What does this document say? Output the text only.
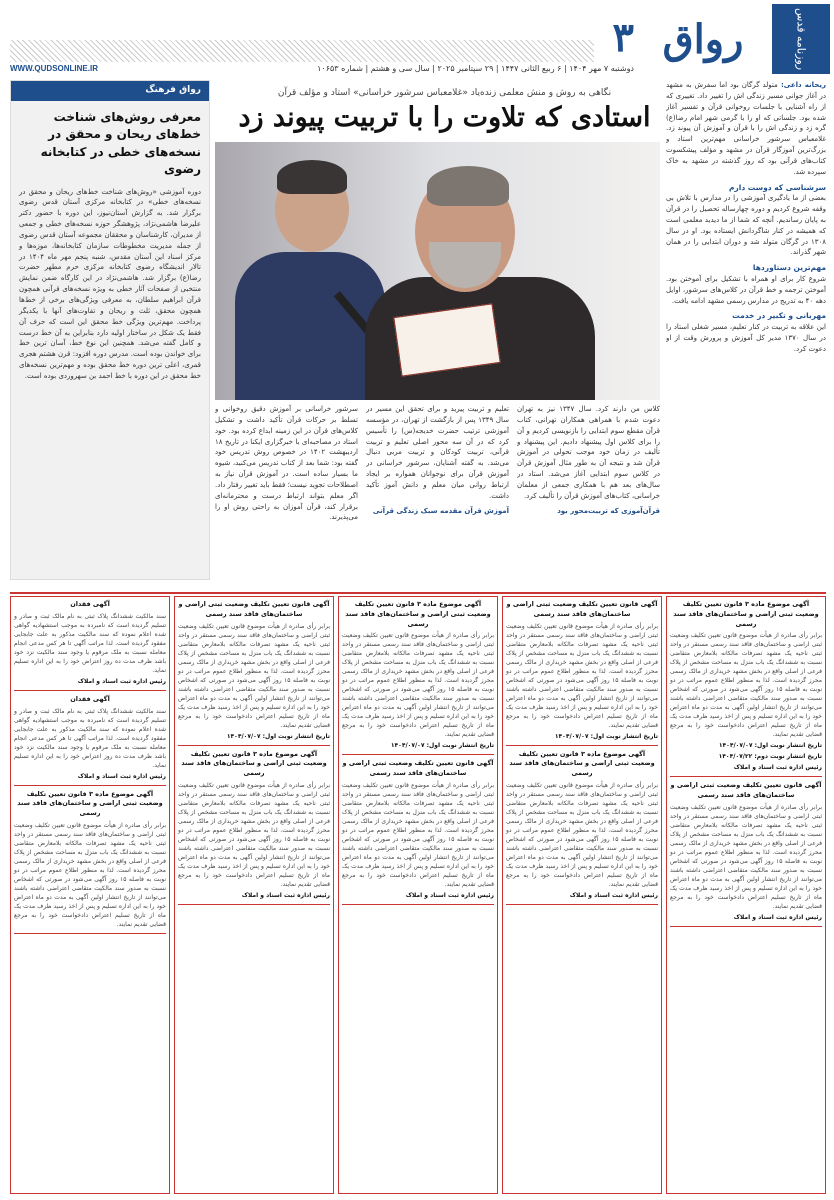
روزنامه قدس
رواق
۳
دوشنبه ۷ مهر ۱۴۰۴ | ۶ ربیع الثانی ۱۴۴۷ | ۲۹ سپتامبر ۲۰۲۵ | سال سی و هشتم | شماره ۱۰۶۵۳
WWW.QUDSONLINE.IR
رواق فرهنگ
معرفی روش‌های شناخت خط‌های ریحان و محقق در نسخه‌های خطی در کتابخانه رضوی
دوره آموزشی «روش‌های شناخت خط‌های ریحان و محقق در نسخه‌های خطی» در کتابخانه مرکزی آستان قدس رضوی برگزار شد. به گزارش آستان‌نیوز، این دوره با حضور دکتر علیرضا هاشمی‌نژاد، پژوهشگر حوزه نسخه‌های خطی و جمعی از مدیران، کارشناسان و محققان مجموعه آستان قدس رضوی از جمله مدیریت مخطوطات سازمان کتابخانه‌ها، موزه‌ها و مرکز اسناد این آستان مقدس، شنبه پنجم مهر ماه ۱۴۰۴ در تالار اندیشگاه رضوی کتابخانه مرکزی حرم مطهر حضرت رضا(ع) برگزار شد. هاشمی‌نژاد در این کارگاه ضمن نمایش منتخبی از صفحات آثار خطی به ویژه نسخه‌های قرآنی همچون قرآن ابراهیم سلطان، به معرفی ویژگی‌های برخی از خط‌ها همچون محقق، ثلث و ریحان و تفاوت‌های آنها با یکدیگر پرداخت. مهم‌ترین ویژگی خط محقق این است که حرف آن فقط یک شکل در ساختار اولیه دارد بنابراین به آن خط درست و کامل گفته می‌شد. همچنین این نوع خط، آسان ترین خط برای خواندن بوده است. مدرس دوره افزود: قرن هشتم هجری قمری، اعلی ترین دوره خط محقق بوده و مهم‌ترین نسخه‌های خط محقق در این دوره با خط احمد بن سهروردی بوده است.
نگاهی به روش و منش معلمی زنده‌یاد «غلامعباس سرشور خراسانی» استاد و مؤلف قرآن
استادی که تلاوت را با تربیت پیوند زد
کلاس من دارند کرد. سال ۱۳۴۷ نیز به تهران دعوت شدم با همراهی همکاران تهرانی، کتاب قرآن مقطع سوم ابتدایی را بازنویسی کردیم و آن را برای کلاس اول پیشنهاد دادیم. این پیشنهاد و تألیف در زمان خود موجب تحولی در آموزش قرآن شد و نتیجه آن به طور مثال آموزش قرآن در کلاس سوم ابتدایی آغاز می‌شد. استاد در سال‌های بعد هم با همکاری جمعی از معلمان خراسانی، کتاب‌های آموزش قرآن را تألیف کرد.
قرآن‌آموزی که تربیت‌محور بود
تعلیم و تربیت پیرید و برای تحقق این مسیر در سال ۱۳۴۹ پس از بازگشت از تهران، در مؤسسه آموزشی ترتیب حضرت خدیجه(س) را تأسیس کرد که در آن سه محور اصلی تعلیم و تربیت قرآنی، تربیت کودکان و تربیت مربی دنبال می‌شد. به گفته آشنایان، سرشور خراسانی در آموزش قرآن برای نوجوانان همواره بر ایجاد ارتباط روانی میان معلم و دانش آموز تأکید داشت.
آموزش قرآن مقدمه سبک زندگی قرآنی
سرشور خراسانی بر آموزش دقیق روخوانی و تسلط بر حرکات قرآن تأکید داشت و تشکیل کلاس‌های قرآن در این زمینه ابداع کرده بود. خود استاد در مصاحبه‌ای با خبرگزاری ایکنا در تاریخ ۱۸ اردیبهشت ۱۴۰۲ در خصوص روش تدریس خود گفته بود: شما بعد از کتاب تدریس می‌کنید، شیوه ما بسیار ساده است. در آموزش قرآن نیاز به اصطلاحات تجوید نیست؛ فقط باید تغییر رفتار داد. اگر معلم بتواند ارتباط درست و محترمانه‌ای برقرار کند، قرآن آموزان به راحتی روش او را می‌پذیرند.
ریحانه داعی: متولد گرگان بود اما سفرش به مشهد در آغاز جوانی مسیر زندگی اش را تغییر داد. تغییری که از راه آشنایی با جلسات روخوانی قرآن و تفسیر آغاز شده بود. جلساتی که او را با گرمی شهر امام رضا(ع) گره زد و زندگی اش را با قرآن و آموزش آن پیوند زد. غلامعباس سرشور خراسانی مهم‌ترین استاد و بزرگ‌ترین آموزگار قرآن در مشهد و مؤلف پیشکسوت کتاب‌های قرآنی بود که روز گذشته در مشهد به خاک سپرده شد.
سرشناسی که دوست دارم
بعضی از ما یادگیری آموزشی را در مدارس با تلاش بی وقفه شروع کردیم و دوره چهارساله تحصیل را در قرآن به پایان رساندیم. آنچه که شما از ما دیدید معلمی است که همیشه در کنار شاگردانش ایستاده بود. او در سال ۱۳۰۸ در گرگان متولد شد و دوران ابتدایی را در همان شهر گذراند.
مهم‌ترین دستاوردها
شروع کار برای او همراه با تشکیل برای آموختن بود. آموختن ترجمه و خط قرآن در کلاس‌های سرشور، اوایل دهه ۴۰ به تدریج در مدارس رسمی مشهد ادامه یافت.
مهربانی و تکبیر در خدمت
این علاقه به تربیت در کنار تعلیم، مسیر شغلی استاد را در سال ۱۳۷۰ مدیر کل آموزش و پرورش وقت از او دعوت کرد.
آگهی موضوع ماده ۳ قانون تعیین تکلیف وضعیت ثبتی اراضی و ساختمان‌های فاقد سند رسمی
برابر رأی صادره از هیأت موضوع قانون تعیین تکلیف وضعیت ثبتی اراضی و ساختمان‌های فاقد سند رسمی مستقر در واحد ثبتی ناحیه یک مشهد تصرفات مالکانه بلامعارض متقاضی نسبت به ششدانگ یک باب منزل به مساحت مشخص از پلاک فرعی از اصلی واقع در بخش مشهد خریداری از مالک رسمی محرز گردیده است. لذا به منظور اطلاع عموم مراتب در دو نوبت به فاصله ۱۵ روز آگهی می‌شود در صورتی که اشخاص نسبت به صدور سند مالکیت متقاضی اعتراضی داشته باشند می‌توانند از تاریخ انتشار اولین آگهی به مدت دو ماه اعتراض خود را به این اداره تسلیم و پس از اخذ رسید ظرف مدت یک ماه از تاریخ تسلیم اعتراض دادخواست خود را به مرجع قضایی تقدیم نمایند.
تاریخ انتشار نوبت اول: ۱۴۰۴/۰۷/۰۷
تاریخ انتشار نوبت دوم: ۱۴۰۴/۰۷/۲۲
رئیس اداره ثبت اسناد و املاک
آگهی قانون تعیین تکلیف وضعیت ثبتی اراضی و ساختمان‌های فاقد سند رسمی
برابر رأی صادره از هیأت موضوع قانون تعیین تکلیف وضعیت ثبتی اراضی و ساختمان‌های فاقد سند رسمی مستقر در واحد ثبتی ناحیه یک مشهد تصرفات مالکانه بلامعارض متقاضی نسبت به ششدانگ یک باب منزل به مساحت مشخص از پلاک فرعی از اصلی واقع در بخش مشهد خریداری از مالک رسمی محرز گردیده است. لذا به منظور اطلاع عموم مراتب در دو نوبت به فاصله ۱۵ روز آگهی می‌شود در صورتی که اشخاص نسبت به صدور سند مالکیت متقاضی اعتراضی داشته باشند می‌توانند از تاریخ انتشار اولین آگهی به مدت دو ماه اعتراض خود را به این اداره تسلیم و پس از اخذ رسید ظرف مدت یک ماه از تاریخ تسلیم اعتراض دادخواست خود را به مرجع قضایی تقدیم نمایند.
رئیس اداره ثبت اسناد و املاک
آگهی قانون تعیین تکلیف وضعیت ثبتی اراضی و ساختمان‌های فاقد سند رسمی
برابر رأی صادره از هیأت موضوع قانون تعیین تکلیف وضعیت ثبتی اراضی و ساختمان‌های فاقد سند رسمی مستقر در واحد ثبتی ناحیه یک مشهد تصرفات مالکانه بلامعارض متقاضی نسبت به ششدانگ یک باب منزل به مساحت مشخص از پلاک فرعی از اصلی واقع در بخش مشهد خریداری از مالک رسمی محرز گردیده است. لذا به منظور اطلاع عموم مراتب در دو نوبت به فاصله ۱۵ روز آگهی می‌شود در صورتی که اشخاص نسبت به صدور سند مالکیت متقاضی اعتراضی داشته باشند می‌توانند از تاریخ انتشار اولین آگهی به مدت دو ماه اعتراض خود را به این اداره تسلیم و پس از اخذ رسید ظرف مدت یک ماه از تاریخ تسلیم اعتراض دادخواست خود را به مرجع قضایی تقدیم نمایند.
تاریخ انتشار نوبت اول: ۱۴۰۴/۰۷/۰۷
آگهی موضوع ماده ۳ قانون تعیین تکلیف وضعیت ثبتی اراضی و ساختمان‌های فاقد سند رسمی
برابر رأی صادره از هیأت موضوع قانون تعیین تکلیف وضعیت ثبتی اراضی و ساختمان‌های فاقد سند رسمی مستقر در واحد ثبتی ناحیه یک مشهد تصرفات مالکانه بلامعارض متقاضی نسبت به ششدانگ یک باب منزل به مساحت مشخص از پلاک فرعی از اصلی واقع در بخش مشهد خریداری از مالک رسمی محرز گردیده است. لذا به منظور اطلاع عموم مراتب در دو نوبت به فاصله ۱۵ روز آگهی می‌شود در صورتی که اشخاص نسبت به صدور سند مالکیت متقاضی اعتراضی داشته باشند می‌توانند از تاریخ انتشار اولین آگهی به مدت دو ماه اعتراض خود را به این اداره تسلیم و پس از اخذ رسید ظرف مدت یک ماه از تاریخ تسلیم اعتراض دادخواست خود را به مرجع قضایی تقدیم نمایند.
رئیس اداره ثبت اسناد و املاک
آگهی موضوع ماده ۳ قانون تعیین تکلیف وضعیت ثبتی اراضی و ساختمان‌های فاقد سند رسمی
برابر رأی صادره از هیأت موضوع قانون تعیین تکلیف وضعیت ثبتی اراضی و ساختمان‌های فاقد سند رسمی مستقر در واحد ثبتی ناحیه یک مشهد تصرفات مالکانه بلامعارض متقاضی نسبت به ششدانگ یک باب منزل به مساحت مشخص از پلاک فرعی از اصلی واقع در بخش مشهد خریداری از مالک رسمی محرز گردیده است. لذا به منظور اطلاع عموم مراتب در دو نوبت به فاصله ۱۵ روز آگهی می‌شود در صورتی که اشخاص نسبت به صدور سند مالکیت متقاضی اعتراضی داشته باشند می‌توانند از تاریخ انتشار اولین آگهی به مدت دو ماه اعتراض خود را به این اداره تسلیم و پس از اخذ رسید ظرف مدت یک ماه از تاریخ تسلیم اعتراض دادخواست خود را به مرجع قضایی تقدیم نمایند.
تاریخ انتشار نوبت اول: ۱۴۰۴/۰۷/۰۷
آگهی قانون تعیین تکلیف وضعیت ثبتی اراضی و ساختمان‌های فاقد سند رسمی
برابر رأی صادره از هیأت موضوع قانون تعیین تکلیف وضعیت ثبتی اراضی و ساختمان‌های فاقد سند رسمی مستقر در واحد ثبتی ناحیه یک مشهد تصرفات مالکانه بلامعارض متقاضی نسبت به ششدانگ یک باب منزل به مساحت مشخص از پلاک فرعی از اصلی واقع در بخش مشهد خریداری از مالک رسمی محرز گردیده است. لذا به منظور اطلاع عموم مراتب در دو نوبت به فاصله ۱۵ روز آگهی می‌شود در صورتی که اشخاص نسبت به صدور سند مالکیت متقاضی اعتراضی داشته باشند می‌توانند از تاریخ انتشار اولین آگهی به مدت دو ماه اعتراض خود را به این اداره تسلیم و پس از اخذ رسید ظرف مدت یک ماه از تاریخ تسلیم اعتراض دادخواست خود را به مرجع قضایی تقدیم نمایند.
رئیس اداره ثبت اسناد و املاک
آگهی قانون تعیین تکلیف وضعیت ثبتی اراضی و ساختمان‌های فاقد سند رسمی
برابر رأی صادره از هیأت موضوع قانون تعیین تکلیف وضعیت ثبتی اراضی و ساختمان‌های فاقد سند رسمی مستقر در واحد ثبتی ناحیه یک مشهد تصرفات مالکانه بلامعارض متقاضی نسبت به ششدانگ یک باب منزل به مساحت مشخص از پلاک فرعی از اصلی واقع در بخش مشهد خریداری از مالک رسمی محرز گردیده است. لذا به منظور اطلاع عموم مراتب در دو نوبت به فاصله ۱۵ روز آگهی می‌شود در صورتی که اشخاص نسبت به صدور سند مالکیت متقاضی اعتراضی داشته باشند می‌توانند از تاریخ انتشار اولین آگهی به مدت دو ماه اعتراض خود را به این اداره تسلیم و پس از اخذ رسید ظرف مدت یک ماه از تاریخ تسلیم اعتراض دادخواست خود را به مرجع قضایی تقدیم نمایند.
تاریخ انتشار نوبت اول: ۱۴۰۴/۰۷/۰۷
آگهی موضوع ماده ۳ قانون تعیین تکلیف وضعیت ثبتی اراضی و ساختمان‌های فاقد سند رسمی
برابر رأی صادره از هیأت موضوع قانون تعیین تکلیف وضعیت ثبتی اراضی و ساختمان‌های فاقد سند رسمی مستقر در واحد ثبتی ناحیه یک مشهد تصرفات مالکانه بلامعارض متقاضی نسبت به ششدانگ یک باب منزل به مساحت مشخص از پلاک فرعی از اصلی واقع در بخش مشهد خریداری از مالک رسمی محرز گردیده است. لذا به منظور اطلاع عموم مراتب در دو نوبت به فاصله ۱۵ روز آگهی می‌شود در صورتی که اشخاص نسبت به صدور سند مالکیت متقاضی اعتراضی داشته باشند می‌توانند از تاریخ انتشار اولین آگهی به مدت دو ماه اعتراض خود را به این اداره تسلیم و پس از اخذ رسید ظرف مدت یک ماه از تاریخ تسلیم اعتراض دادخواست خود را به مرجع قضایی تقدیم نمایند.
رئیس اداره ثبت اسناد و املاک
آگهی فقدان
سند مالکیت ششدانگ پلاک ثبتی به نام مالک ثبت و صادر و تسلیم گردیده است که نامبرده به موجب استشهادیه گواهی شده اعلام نموده که سند مالکیت مذکور به علت جابجایی مفقود گردیده است. لذا مراتب آگهی تا هر کس مدعی انجام معامله نسبت به ملک مرقوم یا وجود سند مالکیت نزد خود باشد ظرف مدت ده روز اعتراض خود را به این اداره تسلیم نماید.
رئیس اداره ثبت اسناد و املاک
آگهی فقدان
سند مالکیت ششدانگ پلاک ثبتی به نام مالک ثبت و صادر و تسلیم گردیده است که نامبرده به موجب استشهادیه گواهی شده اعلام نموده که سند مالکیت مذکور به علت جابجایی مفقود گردیده است. لذا مراتب آگهی تا هر کس مدعی انجام معامله نسبت به ملک مرقوم یا وجود سند مالکیت نزد خود باشد ظرف مدت ده روز اعتراض خود را به این اداره تسلیم نماید.
رئیس اداره ثبت اسناد و املاک
آگهی موضوع ماده ۳ قانون تعیین تکلیف وضعیت ثبتی اراضی و ساختمان‌های فاقد سند رسمی
برابر رأی صادره از هیأت موضوع قانون تعیین تکلیف وضعیت ثبتی اراضی و ساختمان‌های فاقد سند رسمی مستقر در واحد ثبتی ناحیه یک مشهد تصرفات مالکانه بلامعارض متقاضی نسبت به ششدانگ یک باب منزل به مساحت مشخص از پلاک فرعی از اصلی واقع در بخش مشهد خریداری از مالک رسمی محرز گردیده است. لذا به منظور اطلاع عموم مراتب در دو نوبت به فاصله ۱۵ روز آگهی می‌شود در صورتی که اشخاص نسبت به صدور سند مالکیت متقاضی اعتراضی داشته باشند می‌توانند از تاریخ انتشار اولین آگهی به مدت دو ماه اعتراض خود را به این اداره تسلیم و پس از اخذ رسید ظرف مدت یک ماه از تاریخ تسلیم اعتراض دادخواست خود را به مرجع قضایی تقدیم نمایند.
